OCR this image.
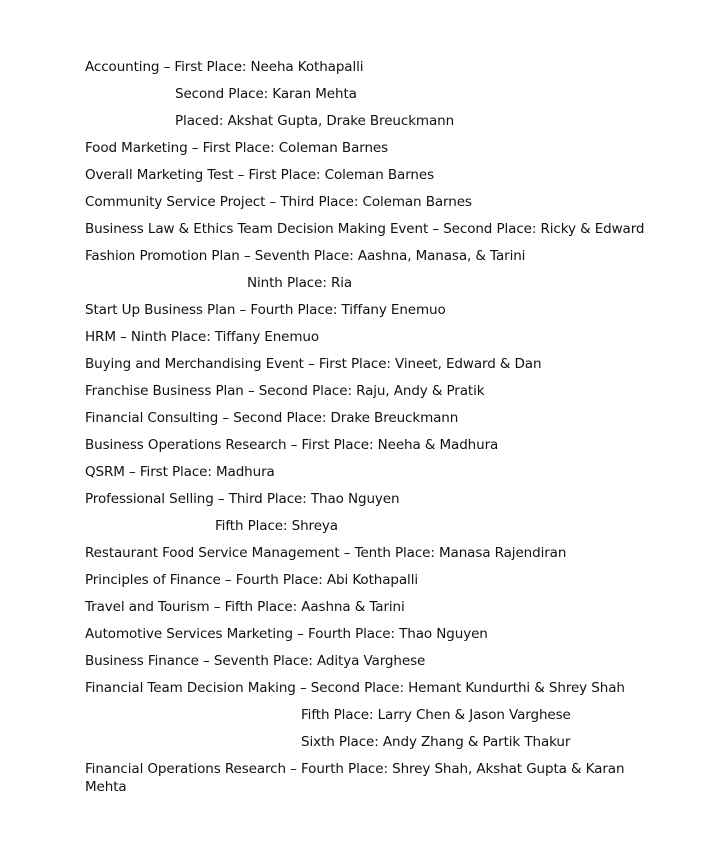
Accounting – First Place: Neeha Kothapalli
Second Place: Karan Mehta
Placed: Akshat Gupta, Drake Breuckmann
Food Marketing – First Place: Coleman Barnes
Overall Marketing Test – First Place: Coleman Barnes
Community Service Project – Third Place: Coleman Barnes
Business Law & Ethics Team Decision Making Event – Second Place: Ricky & Edward
Fashion Promotion Plan – Seventh Place: Aashna, Manasa, & Tarini
Ninth Place: Ria
Start Up Business Plan – Fourth Place: Tiffany Enemuo
HRM – Ninth Place: Tiffany Enemuo
Buying and Merchandising Event – First Place: Vineet, Edward & Dan
Franchise Business Plan – Second Place: Raju, Andy & Pratik
Financial Consulting – Second Place: Drake Breuckmann
Business Operations Research – First Place: Neeha & Madhura
QSRM – First Place: Madhura
Professional Selling – Third Place: Thao Nguyen
Fifth Place: Shreya
Restaurant Food Service Management – Tenth Place: Manasa Rajendiran
Principles of Finance – Fourth Place: Abi Kothapalli
Travel and Tourism – Fifth Place: Aashna & Tarini
Automotive Services Marketing – Fourth Place: Thao Nguyen
Business Finance – Seventh Place: Aditya Varghese
Financial Team Decision Making – Second Place: Hemant Kundurthi & Shrey Shah
Fifth Place: Larry Chen & Jason Varghese
Sixth Place: Andy Zhang & Partik Thakur
Financial Operations Research – Fourth Place: Shrey Shah, Akshat Gupta & Karan Mehta
